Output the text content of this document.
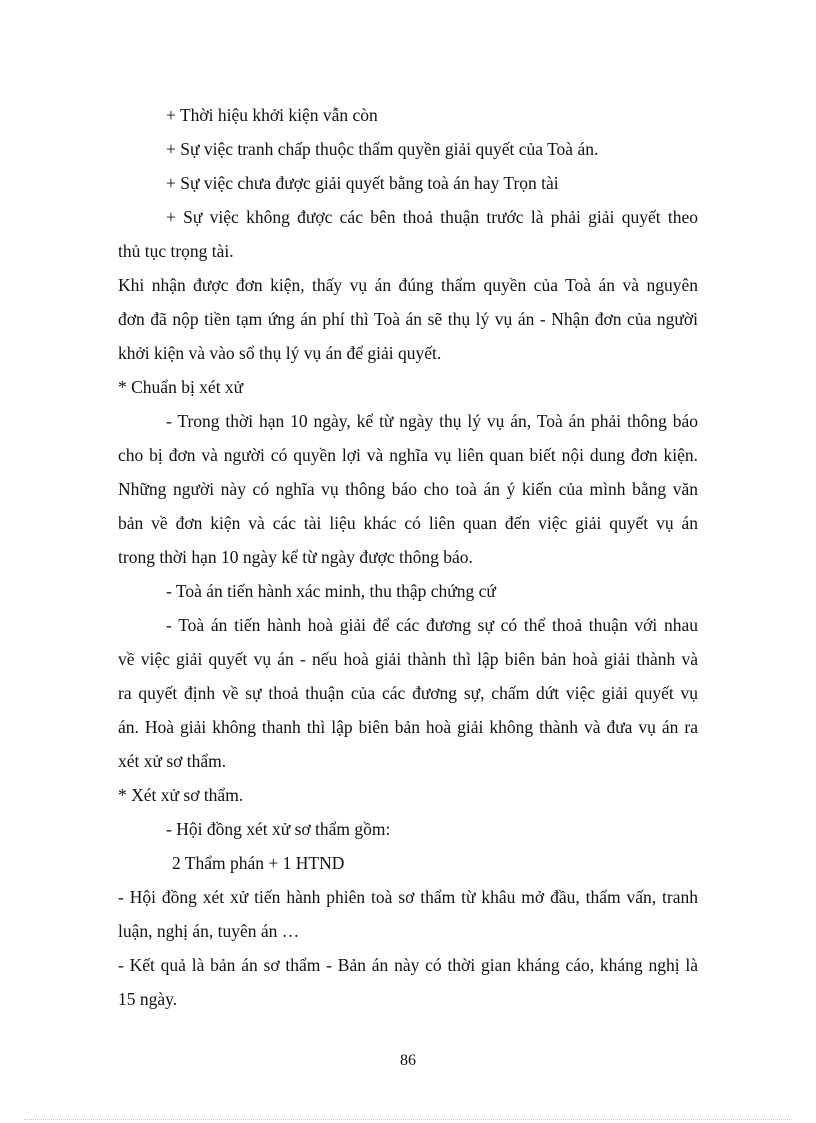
+ Thời hiệu khởi kiện vẫn còn
+ Sự việc tranh chấp thuộc thẩm quyền giải quyết của Toà án.
+ Sự việc chưa được giải quyết bằng toà án hay Trọn tài
+ Sự việc không được các bên thoả thuận trước là phải giải quyết theo
thủ tục trọng tài.
Khi nhận được đơn kiện, thấy vụ án đúng thẩm quyền của Toà án và nguyên
đơn đã nộp tiền tạm ứng án phí thì Toà án sẽ thụ lý vụ án - Nhận đơn của người
khởi kiện và vào sổ thụ lý vụ án để giải quyết.
* Chuẩn bị xét xử
- Trong thời hạn 10 ngày, kể từ ngày thụ lý vụ án, Toà án phải thông báo
cho bị đơn và người có quyền lợi và nghĩa vụ liên quan biết nội dung đơn kiện.
Những người này có nghĩa vụ thông báo cho toà án ý kiến của mình bằng văn
bản về đơn kiện và các tài liệu khác có liên quan đến việc giải quyết vụ án
trong thời hạn 10 ngày kể từ ngày được thông báo.
- Toà án tiến hành xác minh, thu thập chứng cứ
- Toà án tiến hành hoà giải để các đương sự có thể thoả thuận với nhau
về việc giải quyết vụ án - nếu hoà giải thành thì lập biên bản hoà giải thành và
ra quyết định về sự thoả thuận của các đương sự, chấm dứt việc giải quyết vụ
án. Hoà giải không thanh thì lập biên bản hoà giải không thành và đưa vụ án ra
xét xử sơ thẩm.
* Xét xử sơ thẩm.
- Hội đồng xét xử sơ thẩm gồm:
2 Thẩm phán + 1 HTND
- Hội đồng xét xử tiến hành phiên toà sơ thẩm từ khâu mở đầu, thẩm vấn, tranh
luận, nghị án, tuyên án …
- Kết quả là bản án sơ thẩm - Bản án này có thời gian kháng cáo, kháng nghị là
15 ngày.
86
